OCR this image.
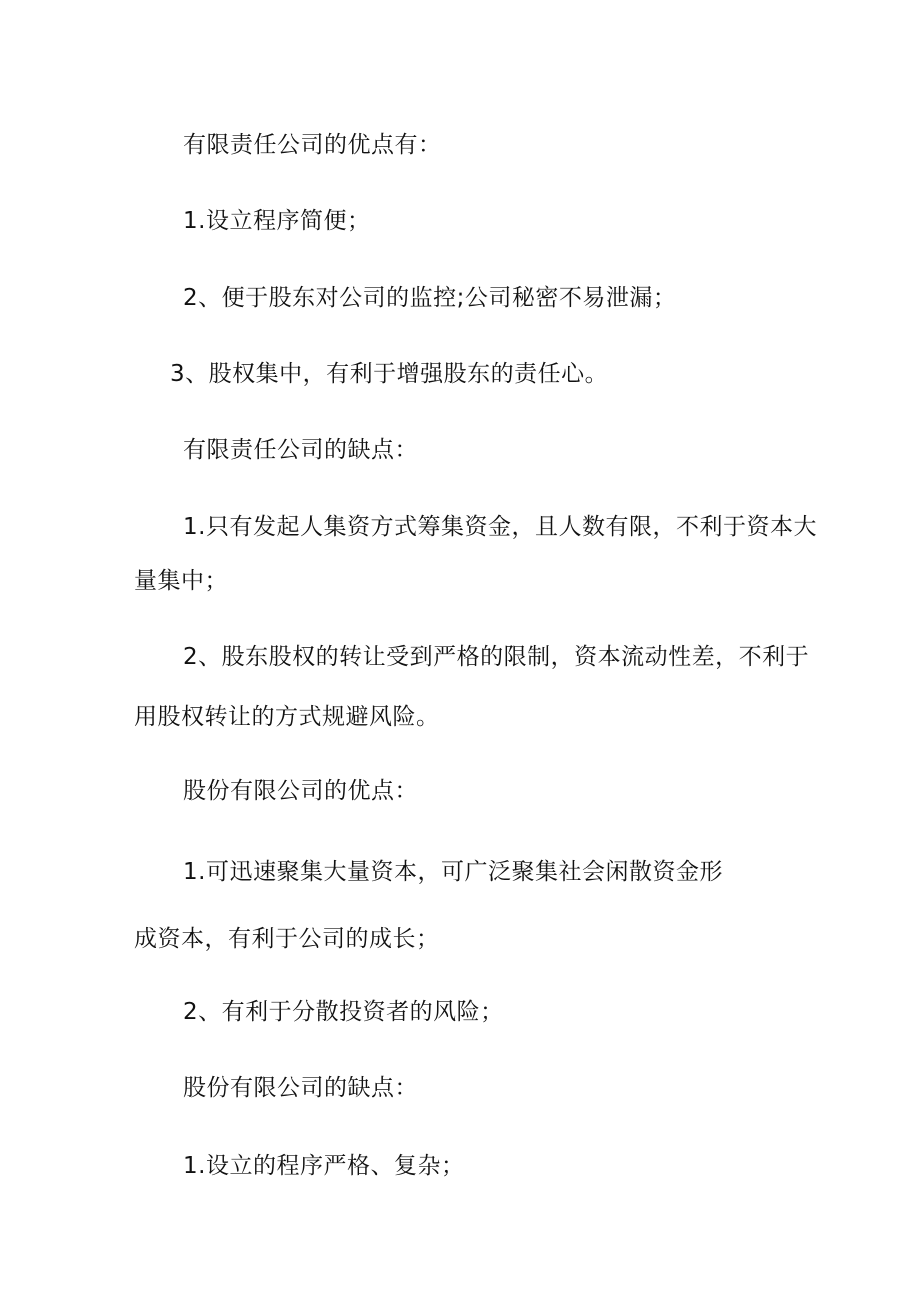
有限责任公司的优点有：
1.设立程序简便；
2、便于股东对公司的监控;公司秘密不易泄漏；
3、股权集中，有利于增强股东的责任心。
有限责任公司的缺点：
1.只有发起人集资方式筹集资金，且人数有限，不利于资本大
量集中；
2、股东股权的转让受到严格的限制，资本流动性差，不利于
用股权转让的方式规避风险。
股份有限公司的优点：
1.可迅速聚集大量资本，可广泛聚集社会闲散资金形
成资本，有利于公司的成长；
2、有利于分散投资者的风险；
股份有限公司的缺点：
1.设立的程序严格、复杂；
